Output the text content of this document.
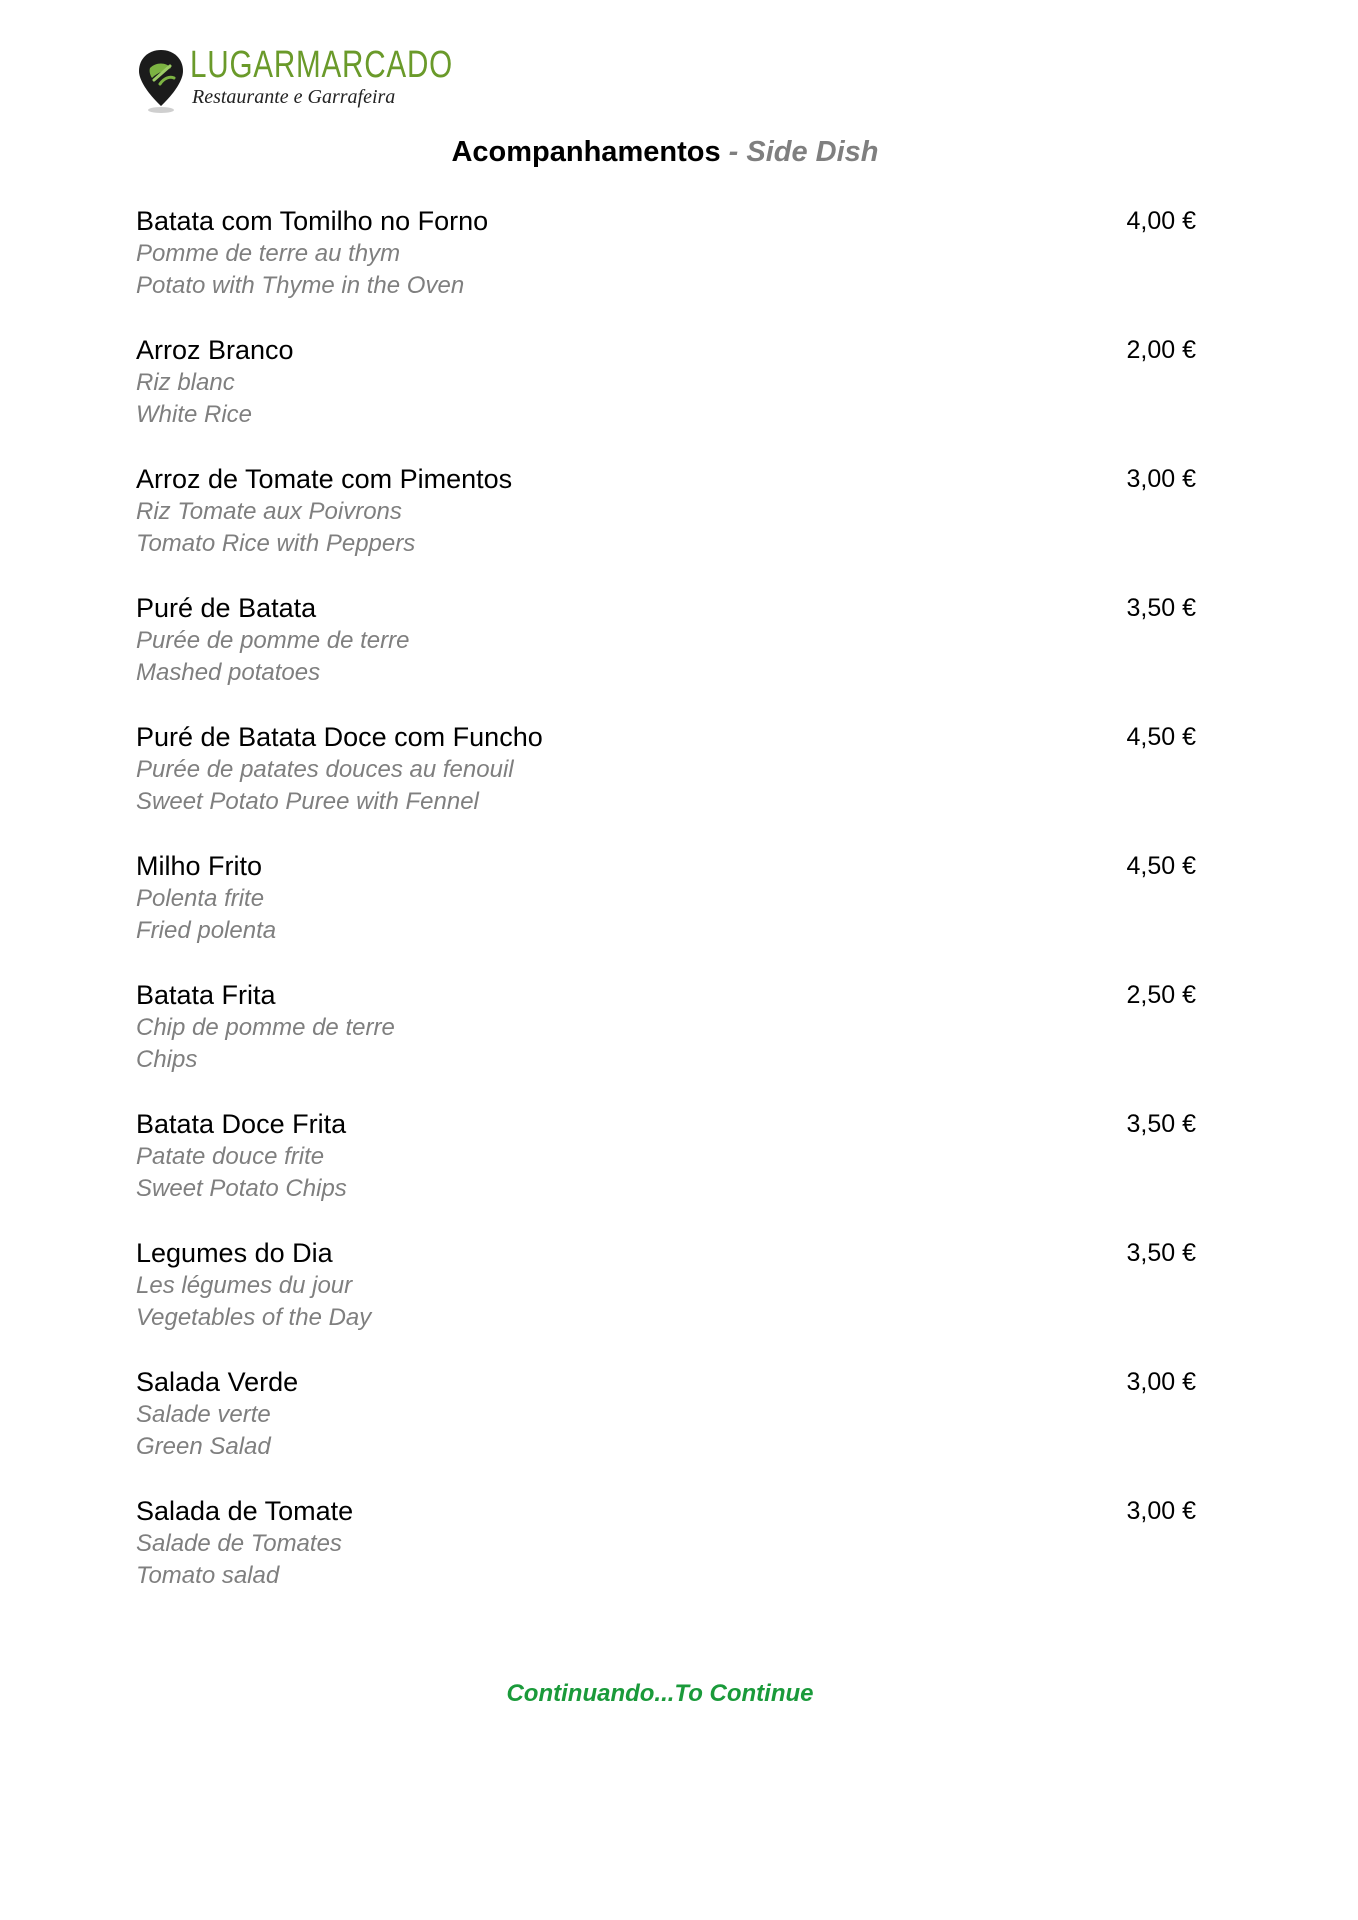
LUGARMARCADO
Restaurante e Garrafeira
Acompanhamentos - Side Dish
Batata com Tomilho no Forno
Pomme de terre au thym
Potato with Thyme in the Oven
4,00 €
Arroz Branco
Riz blanc
White Rice
2,00 €
Arroz de Tomate com Pimentos
Riz Tomate aux Poivrons
Tomato Rice with Peppers
3,00 €
Puré de Batata
Purée de pomme de terre
Mashed potatoes
3,50 €
Puré de Batata Doce com Funcho
Purée de patates douces au fenouil
Sweet Potato Puree with Fennel
4,50 €
Milho Frito
Polenta frite
Fried polenta
4,50 €
Batata Frita
Chip de pomme de terre
Chips
2,50 €
Batata Doce Frita
Patate douce frite
Sweet Potato Chips
3,50 €
Legumes do Dia
Les légumes du jour
Vegetables of the Day
3,50 €
Salada Verde
Salade verte
Green Salad
3,00 €
Salada de Tomate
Salade de Tomates
Tomato salad
3,00 €
Continuando...To Continue
